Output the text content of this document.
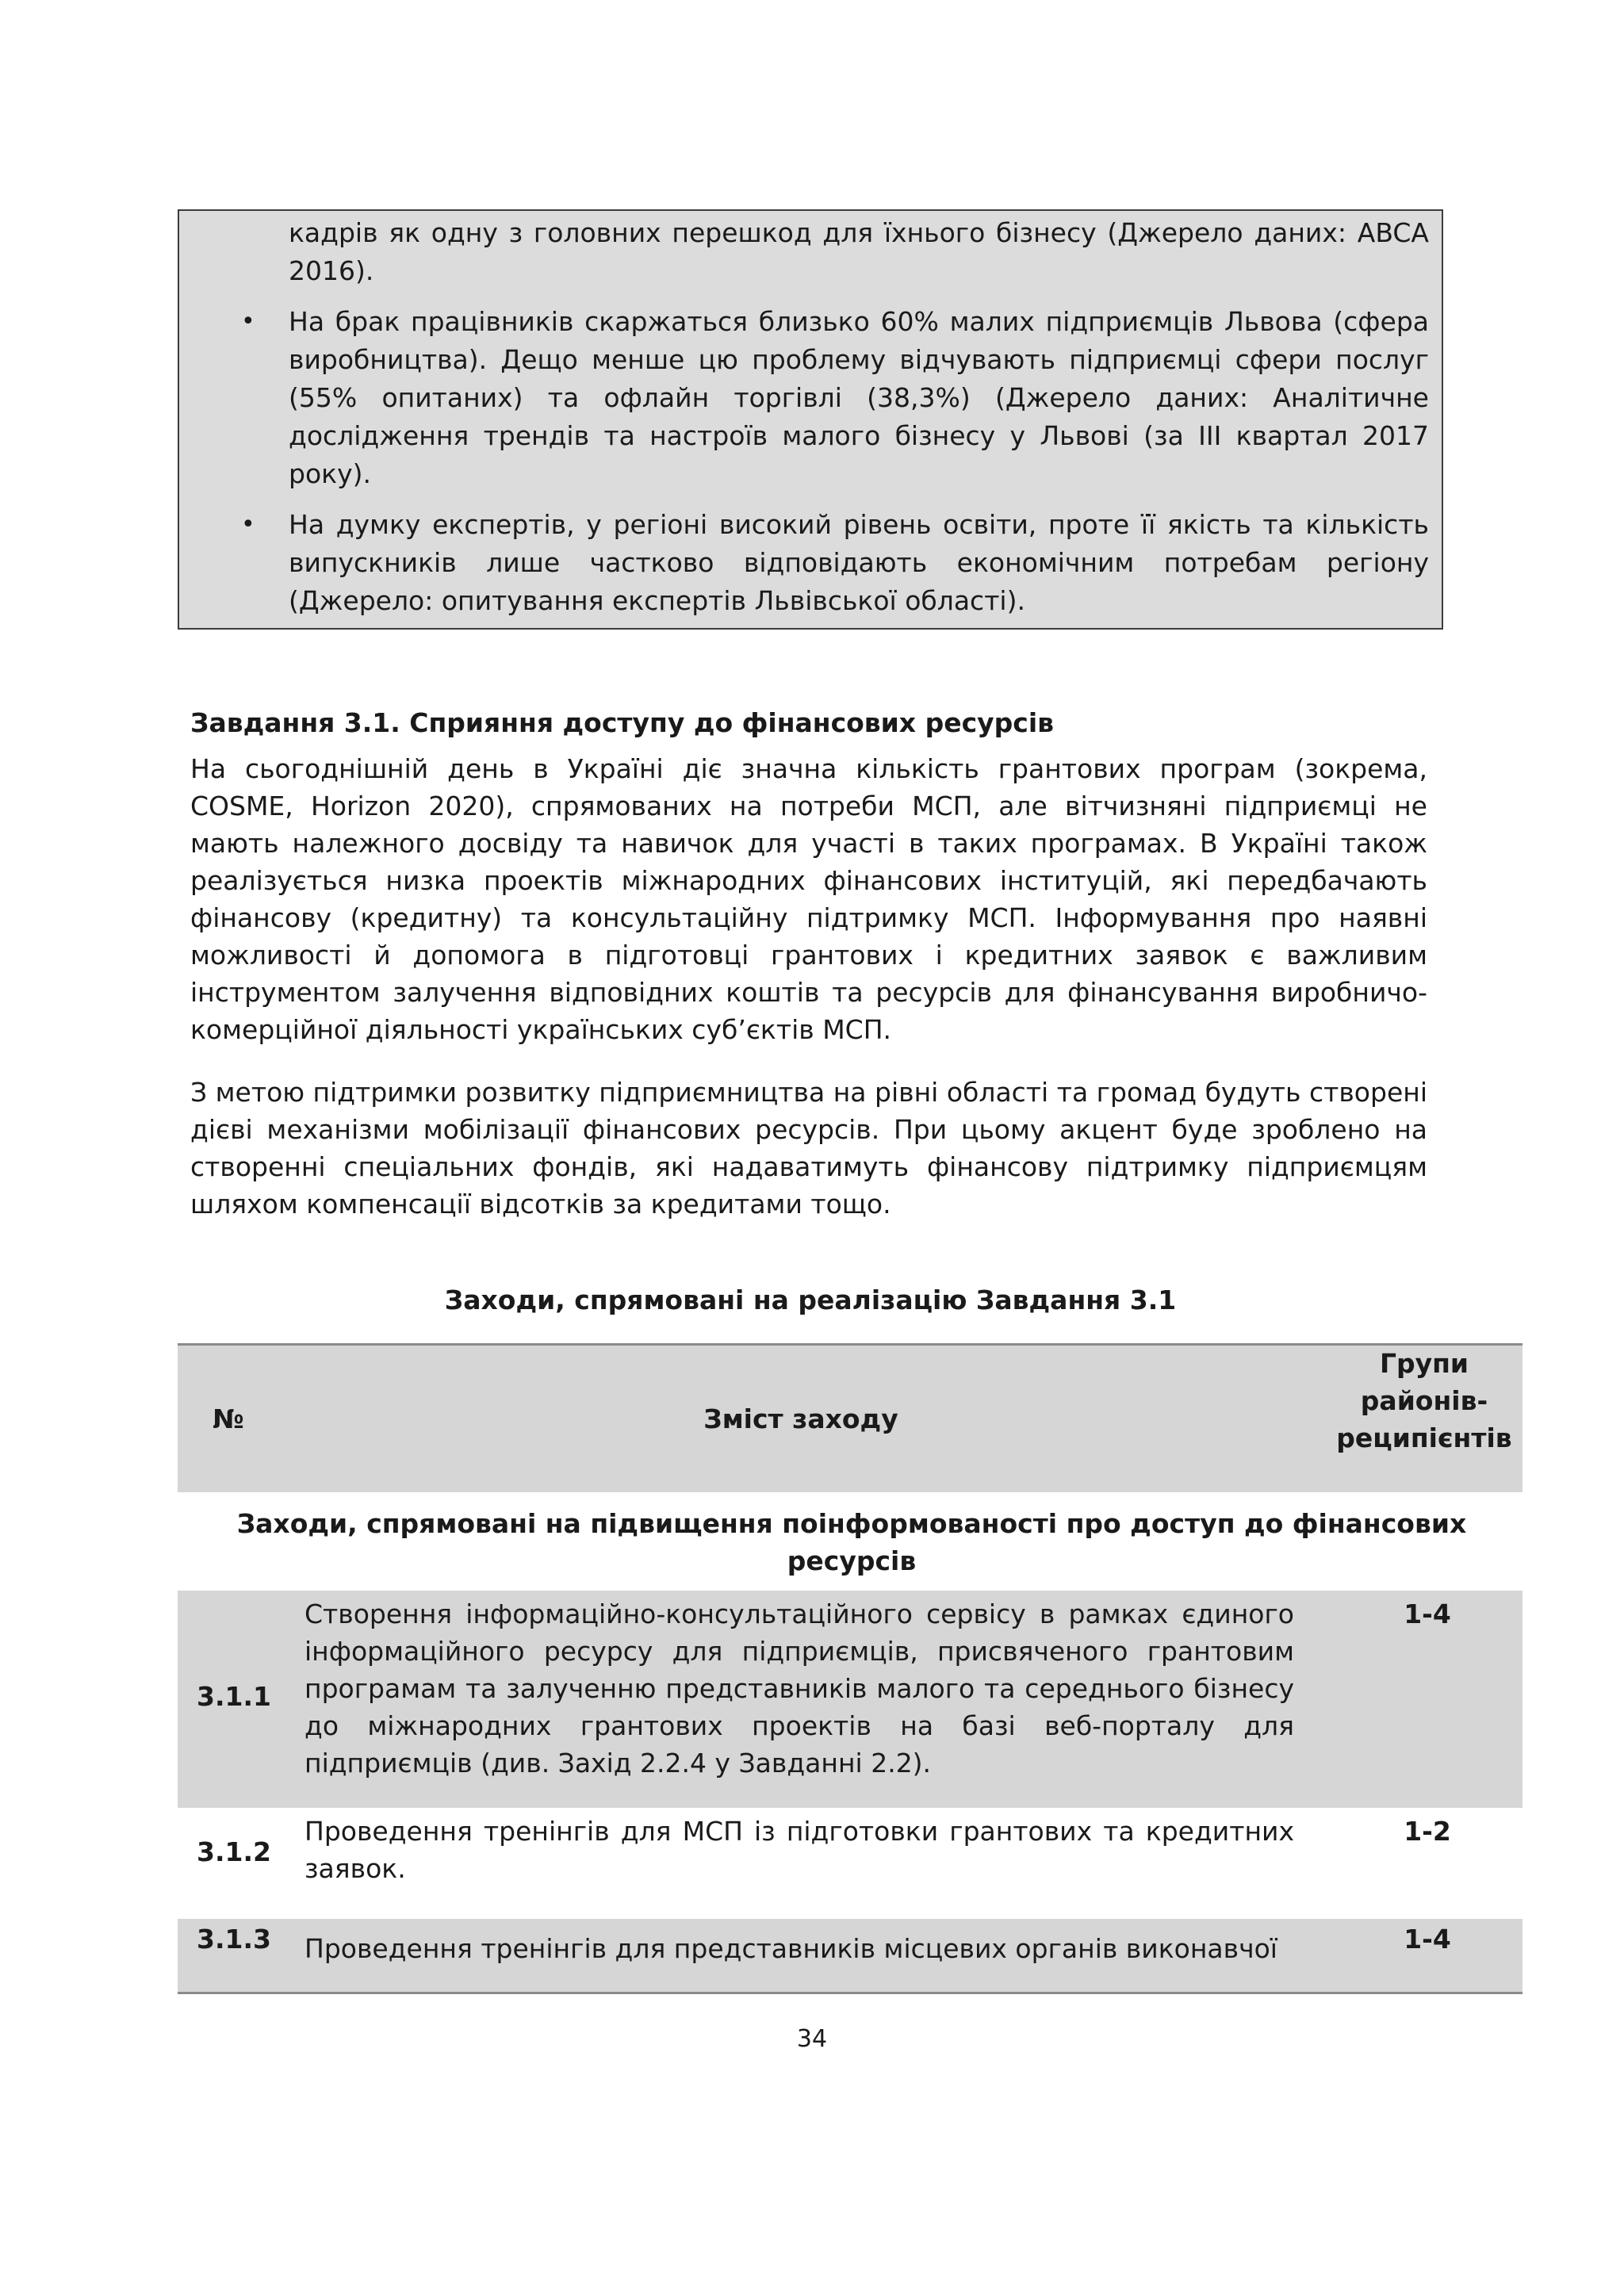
кадрів як одну з головних перешкод для їхнього бізнесу (Джерело даних: ABCA 2016).
• На брак працівників скаржаться близько 60% малих підприємців Львова (сфера виробництва). Дещо менше цю проблему відчувають підприємці сфери послуг (55% опитаних) та офлайн торгівлі (38,3%) (Джерело даних: Аналітичне дослідження трендів та настроїв малого бізнесу у Львові (за III квартал 2017 року).
• На думку експертів, у регіоні високий рівень освіти, проте її якість та кількість випускників лише частково відповідають економічним потребам регіону (Джерело: опитування експертів Львівської області).
Завдання 3.1. Сприяння доступу до фінансових ресурсів
На сьогоднішній день в Україні діє значна кількість грантових програм (зокрема, COSME, Horizon 2020), спрямованих на потреби МСП, але вітчизняні підприємці не мають належного досвіду та навичок для участі в таких програмах. В Україні також реалізується низка проектів міжнародних фінансових інституцій, які передбачають фінансову (кредитну) та консультаційну підтримку МСП. Інформування про наявні можливості й допомога в підготовці грантових і кредитних заявок є важливим інструментом залучення відповідних коштів та ресурсів для фінансування виробничо-комерційної діяльності українських суб’єктів МСП.
З метою підтримки розвитку підприємництва на рівні області та громад будуть створені дієві механізми мобілізації фінансових ресурсів. При цьому акцент буде зроблено на створенні спеціальних фондів, які надаватимуть фінансову підтримку підприємцям шляхом компенсації відсотків за кредитами тощо.
Заходи, спрямовані на реалізацію Завдання 3.1
№	Зміст заходу
Групи районів-реципієнтів
Заходи, спрямовані на підвищення поінформованості про доступ до фінансових ресурсів
3.1.1
Створення інформаційно-консультаційного сервісу в рамках єдиного інформаційного ресурсу для підприємців, присвяченого грантовим програмам та залученню представників малого та середнього бізнесу до міжнародних грантових проектів на базі веб-порталу для підприємців (див. Захід 2.2.4 у Завданні 2.2).
1-4
3.1.2
Проведення тренінгів для МСП із підготовки грантових та кредитних заявок.
1-2
3.1.3 Проведення тренінгів для представників місцевих органів виконавчої	1-4
34
